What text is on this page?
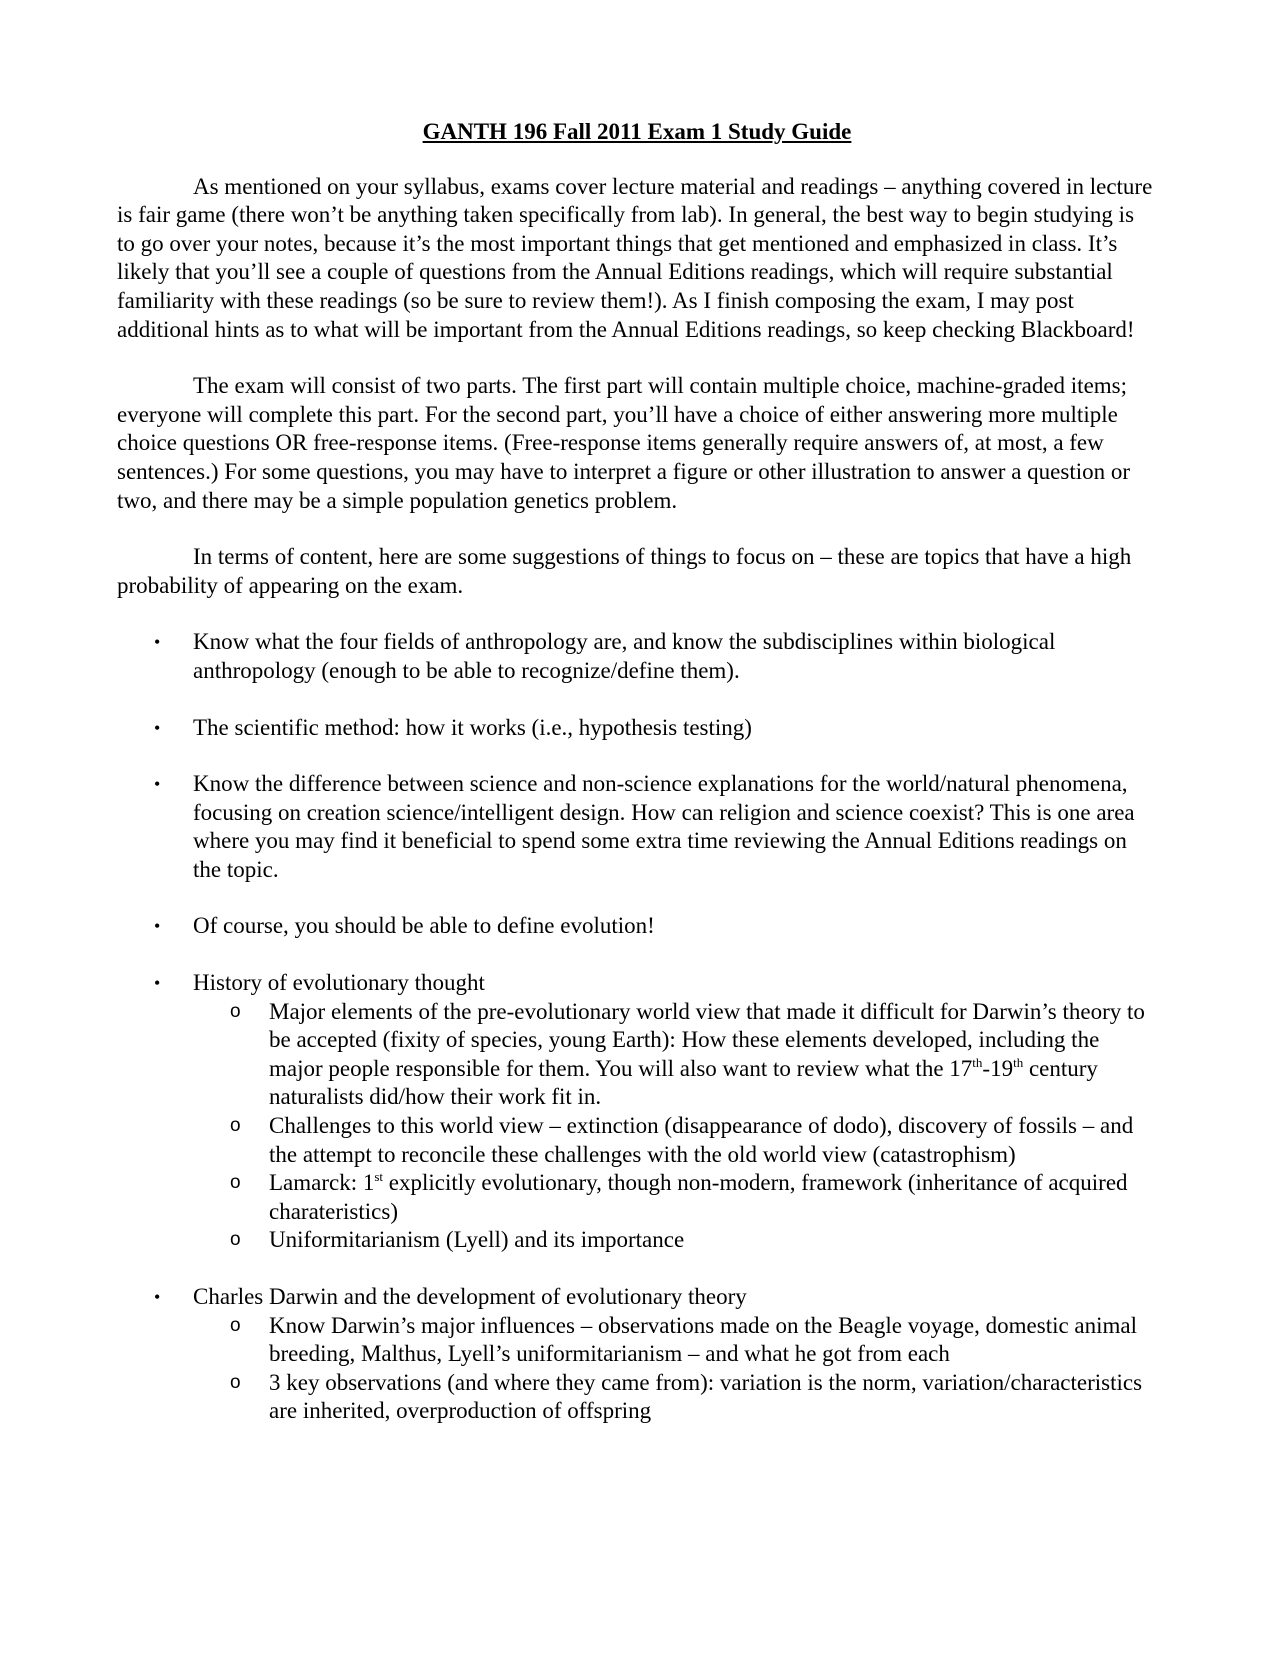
GANTH 196 Fall 2011 Exam 1 Study Guide

As mentioned on your syllabus, exams cover lecture material and readings – anything covered in lecture is fair game (there won’t be anything taken specifically from lab). In general, the best way to begin studying is to go over your notes, because it’s the most important things that get mentioned and emphasized in class. It’s likely that you’ll see a couple of questions from the Annual Editions readings, which will require substantial familiarity with these readings (so be sure to review them!). As I finish composing the exam, I may post additional hints as to what will be important from the Annual Editions readings, so keep checking Blackboard!

The exam will consist of two parts. The first part will contain multiple choice, machine-graded items; everyone will complete this part. For the second part, you’ll have a choice of either answering more multiple choice questions OR free-response items. (Free-response items generally require answers of, at most, a few sentences.) For some questions, you may have to interpret a figure or other illustration to answer a question or two, and there may be a simple population genetics problem.

In terms of content, here are some suggestions of things to focus on – these are topics that have a high probability of appearing on the exam.

• Know what the four fields of anthropology are, and know the subdisciplines within biological anthropology (enough to be able to recognize/define them).
• The scientific method: how it works (i.e., hypothesis testing)
• Know the difference between science and non-science explanations for the world/natural phenomena, focusing on creation science/intelligent design. How can religion and science coexist? This is one area where you may find it beneficial to spend some extra time reviewing the Annual Editions readings on the topic.
• Of course, you should be able to define evolution!
• History of evolutionary thought
o Major elements of the pre-evolutionary world view that made it difficult for Darwin’s theory to be accepted (fixity of species, young Earth): How these elements developed, including the major people responsible for them. You will also want to review what the 17th-19th century naturalists did/how their work fit in.
o Challenges to this world view – extinction (disappearance of dodo), discovery of fossils – and the attempt to reconcile these challenges with the old world view (catastrophism)
o Lamarck: 1st explicitly evolutionary, though non-modern, framework (inheritance of acquired charateristics)
o Uniformitarianism (Lyell) and its importance
• Charles Darwin and the development of evolutionary theory
o Know Darwin’s major influences – observations made on the Beagle voyage, domestic animal breeding, Malthus, Lyell’s uniformitarianism – and what he got from each
o 3 key observations (and where they came from): variation is the norm, variation/characteristics are inherited, overproduction of offspring
